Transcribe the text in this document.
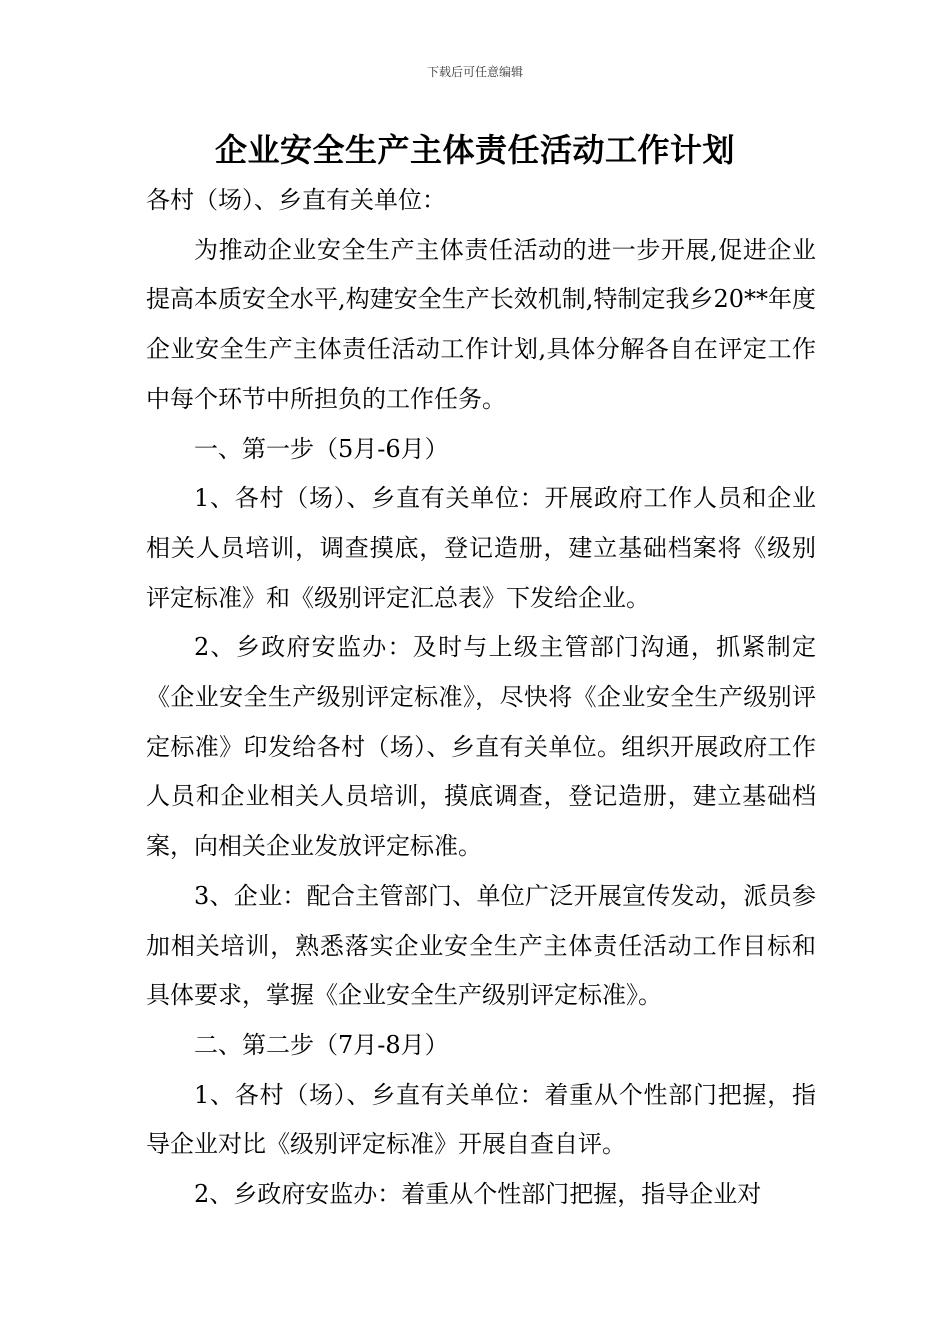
下载后可任意编辑
企业安全生产主体责任活动工作计划

各村（场）、乡直有关单位：

为推动企业安全生产主体责任活动的进一步开展,促进企业提高本质安全水平,构建安全生产长效机制,特制定我乡20**年度企业安全生产主体责任活动工作计划,具体分解各自在评定工作中每个环节中所担负的工作任务。

一、第一步（5月-6月）

1、各村（场）、乡直有关单位：开展政府工作人员和企业相关人员培训，调查摸底，登记造册，建立基础档案将《级别评定标准》和《级别评定汇总表》下发给企业。

2、乡政府安监办：及时与上级主管部门沟通，抓紧制定《企业安全生产级别评定标准》，尽快将《企业安全生产级别评定标准》印发给各村（场）、乡直有关单位。组织开展政府工作人员和企业相关人员培训，摸底调查，登记造册，建立基础档案，向相关企业发放评定标准。

3、企业：配合主管部门、单位广泛开展宣传发动，派员参加相关培训，熟悉落实企业安全生产主体责任活动工作目标和具体要求，掌握《企业安全生产级别评定标准》。

二、第二步（7月-8月）

1、各村（场）、乡直有关单位：着重从个性部门把握，指导企业对比《级别评定标准》开展自查自评。

2、乡政府安监办：着重从个性部门把握，指导企业对
